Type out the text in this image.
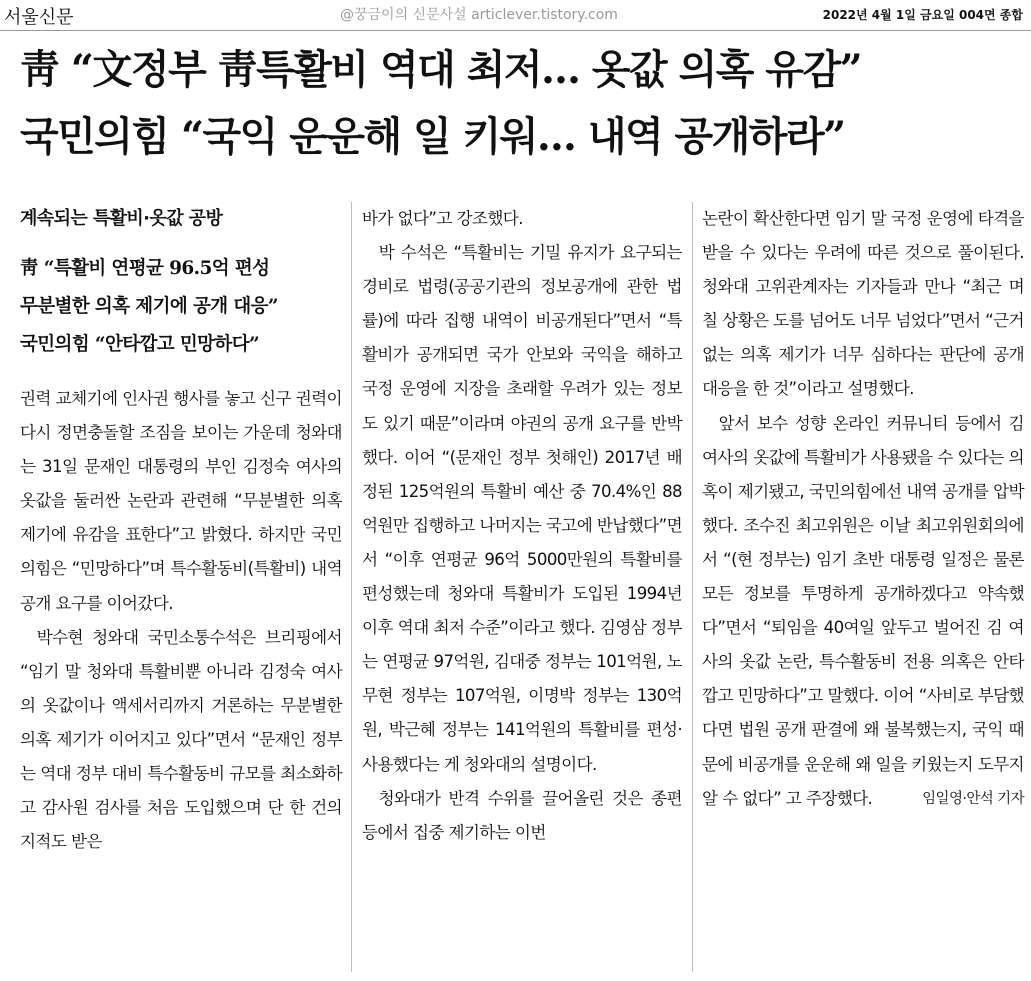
서울신문	@꿍금이의 신문사설 articlever.tistory.com	2022년 4월 1일 금요일 004면 종합
靑 “文정부 靑특활비 역대 최저… 옷값 의혹 유감”
국민의힘 “국익 운운해 일 키워… 내역 공개하라”
계속되는 특활비·옷값 공방
靑 “특활비 연평균 96.5억 편성
무분별한 의혹 제기에 공개 대응”
국민의힘 “안타깝고 민망하다”

권력 교체기에 인사권 행사를 놓고 신구 권력이 다시 정면충돌할 조짐을 보이는 가운데 청와대는 31일 문재인 대통령의 부인 김정숙 여사의 옷값을 둘러싼 논란과 관련해 “무분별한 의혹 제기에 유감을 표한다”고 밝혔다. 하지만 국민의힘은 “민망하다”며 특수활동비(특활비) 내역 공개 요구를 이어갔다.

박수현 청와대 국민소통수석은 브리핑에서 “임기 말 청와대 특활비뿐 아니라 김정숙 여사의 옷값이나 액세서리까지 거론하는 무분별한 의혹 제기가 이어지고 있다”면서 “문재인 정부는 역대 정부 대비 특수활동비 규모를 최소화하고 감사원 검사를 처음 도입했으며 단 한 건의 지적도 받은

바가 없다”고 강조했다.

박 수석은 “특활비는 기밀 유지가 요구되는 경비로 법령(공공기관의 정보공개에 관한 법률)에 따라 집행 내역이 비공개된다”면서 “특활비가 공개되면 국가 안보와 국익을 해하고 국정 운영에 지장을 초래할 우려가 있는 정보도 있기 때문”이라며 야권의 공개 요구를 반박했다. 이어 “(문재인 정부 첫해인) 2017년 배정된 125억원의 특활비 예산 중 70.4%인 88억원만 집행하고 나머지는 국고에 반납했다”면서 “이후 연평균 96억 5000만원의 특활비를 편성했는데 청와대 특활비가 도입된 1994년 이후 역대 최저 수준”이라고 했다. 김영삼 정부는 연평균 97억원, 김대중 정부는 101억원, 노무현 정부는 107억원, 이명박 정부는 130억원, 박근혜 정부는 141억원의 특활비를 편성·사용했다는 게 청와대의 설명이다.

청와대가 반격 수위를 끌어올린 것은 종편 등에서 집중 제기하는 이번

논란이 확산한다면 임기 말 국정 운영에 타격을 받을 수 있다는 우려에 따른 것으로 풀이된다. 청와대 고위관계자는 기자들과 만나 “최근 며칠 상황은 도를 넘어도 너무 넘었다”면서 “근거 없는 의혹 제기가 너무 심하다는 판단에 공개 대응을 한 것”이라고 설명했다.

앞서 보수 성향 온라인 커뮤니티 등에서 김 여사의 옷값에 특활비가 사용됐을 수 있다는 의혹이 제기됐고, 국민의힘에선 내역 공개를 압박했다. 조수진 최고위원은 이날 최고위원회의에서 “(현 정부는) 임기 초반 대통령 일정은 물론 모든 정보를 투명하게 공개하겠다고 약속했다”면서 “퇴임을 40여일 앞두고 벌어진 김 여사의 옷값 논란, 특수활동비 전용 의혹은 안타깝고 민망하다”고 말했다. 이어 “사비로 부담했다면 법원 공개 판결에 왜 불복했는지, 국익 때문에 비공개를 운운해 왜 일을 키웠는지 도무지 알 수 없다” 고 주장했다.	임일영·안석 기자
